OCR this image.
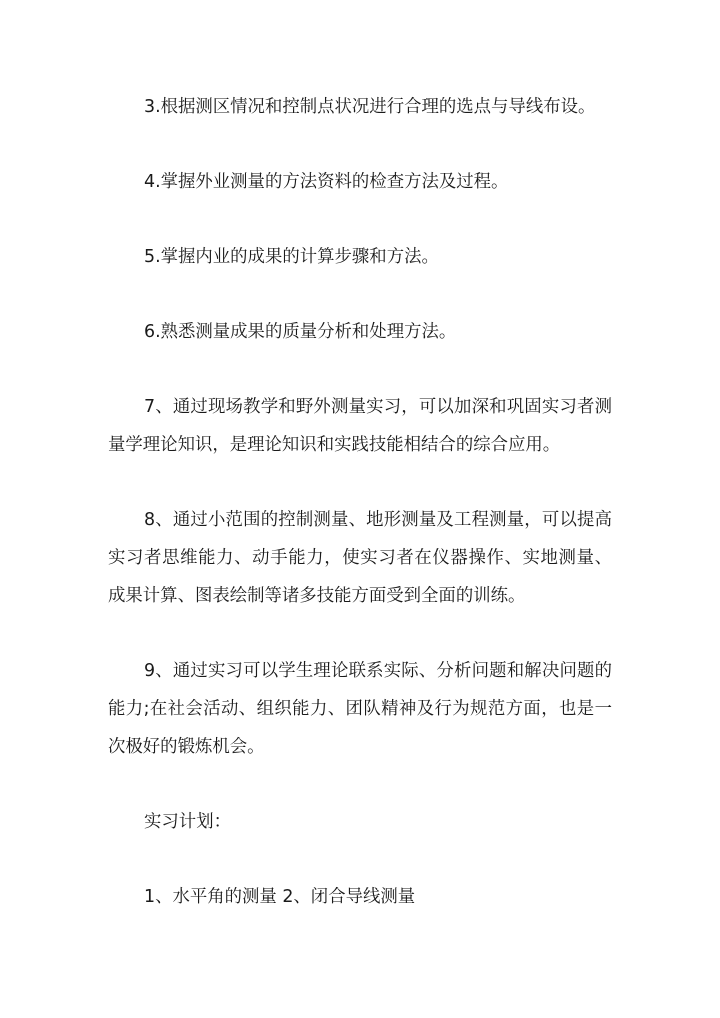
3.根据测区情况和控制点状况进行合理的选点与导线布设。

4.掌握外业测量的方法资料的检查方法及过程。

5.掌握内业的成果的计算步骤和方法。

6.熟悉测量成果的质量分析和处理方法。

7、通过现场教学和野外测量实习，可以加深和巩固实习者测量学理论知识，是理论知识和实践技能相结合的综合应用。

8、通过小范围的控制测量、地形测量及工程测量，可以提高实习者思维能力、动手能力，使实习者在仪器操作、实地测量、成果计算、图表绘制等诸多技能方面受到全面的训练。

9、通过实习可以学生理论联系实际、分析问题和解决问题的能力;在社会活动、组织能力、团队精神及行为规范方面，也是一次极好的锻炼机会。

实习计划：

1、水平角的测量 2、闭合导线测量
